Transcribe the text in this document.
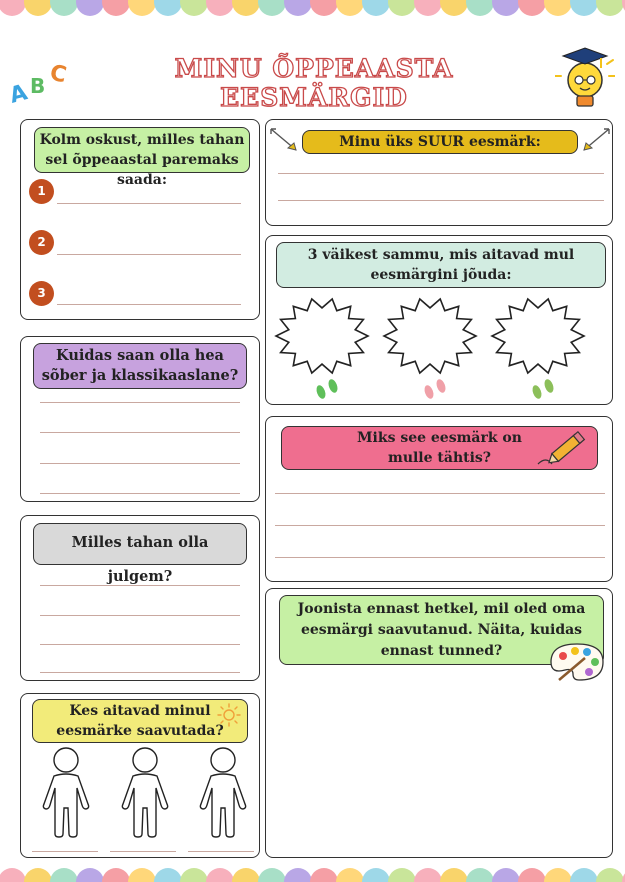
A B C	MINU ÕPPEAASTA EESMÄRGID
Kolm oskust, milles tahan sel õppeaastal paremaks saada:
1
2
3
Minu üks SUUR eesmärk:
3 väikest sammu, mis aitavad mul eesmärgini jõuda:
Kuidas saan olla hea sõber ja klassikaaslane?
Miks see eesmärk on mulle tähtis?
Milles tahan olla julgem?
Joonista ennast hetkel, mil oled oma eesmärgi saavutanud. Näita, kuidas ennast tunned?
Kes aitavad minul eesmärke saavutada?
